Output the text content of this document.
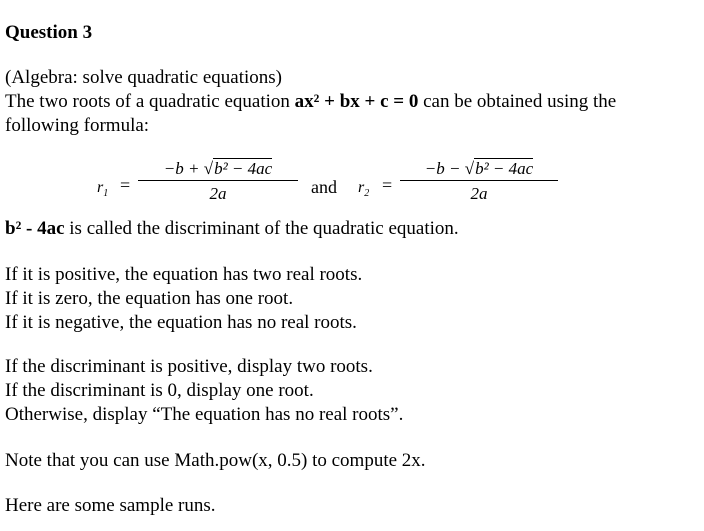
Question 3
(Algebra: solve quadratic equations)
The two roots of a quadratic equation ax² + bx + c = 0 can be obtained using the
following formula:
$r_1$ =
−b + √b² − 4ac
2a	and $r_2$ =
−b − √b² − 4ac
2a
b² - 4ac is called the discriminant of the quadratic equation.
If it is positive, the equation has two real roots.
If it is zero, the equation has one root.
If it is negative, the equation has no real roots.
If the discriminant is positive, display two roots.
If the discriminant is 0, display one root.
Otherwise, display “The equation has no real roots”.
Note that you can use Math.pow(x, 0.5) to compute 2x.
Here are some sample runs.
